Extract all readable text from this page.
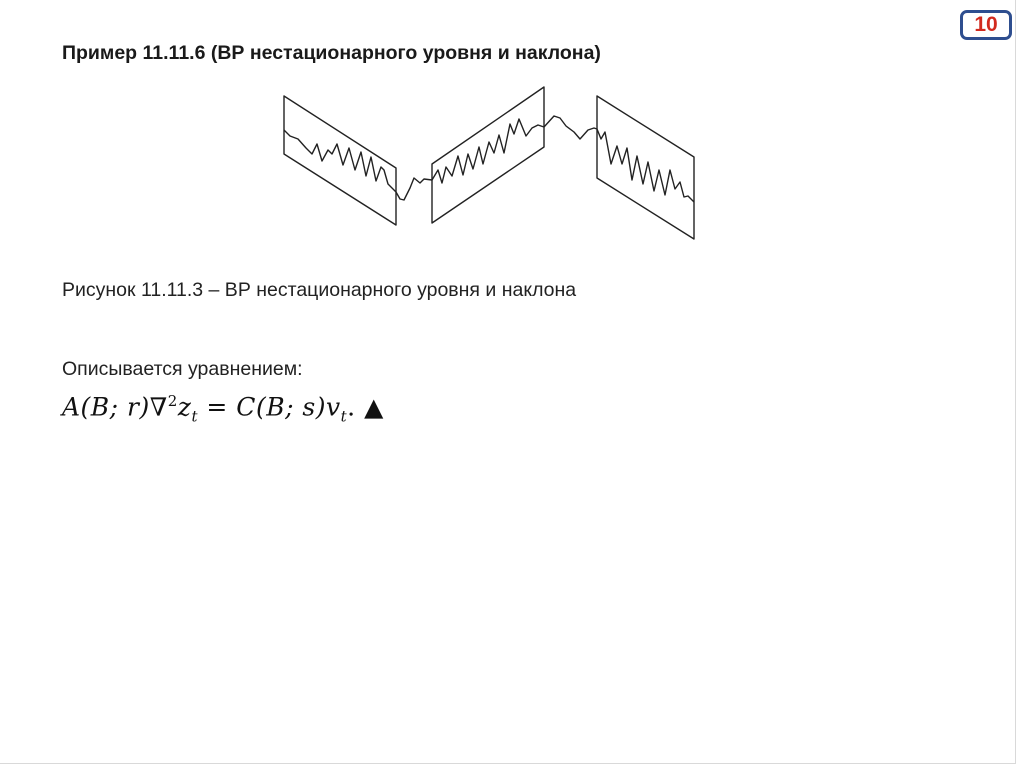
10
Пример 11.11.6 (ВР нестационарного уровня и наклона)
Рисунок 11.11.3 – ВР нестационарного уровня и наклона
Описывается уравнением:
A(B; $r)\nabla^2z_t = C(B$; $s)v_t$. ▲
